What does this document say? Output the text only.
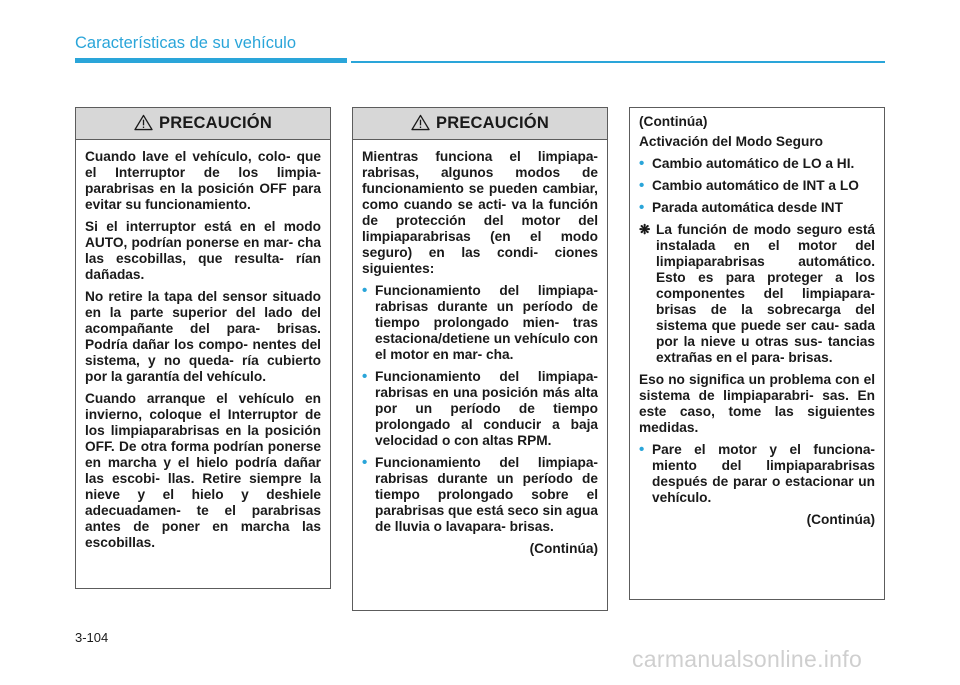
Características de su vehículo
PRECAUCIÓN

Cuando lave el vehículo, colo- que el Interruptor de los limpia- parabrisas en la posición OFF para evitar su funcionamiento.

Si el interruptor está en el modo AUTO, podrían ponerse en mar- cha las escobillas, que resulta- rían dañadas.

No retire la tapa del sensor situado en la parte superior del lado del acompañante del para- brisas. Podría dañar los compo- nentes del sistema, y no queda- ría cubierto por la garantía del vehículo.

Cuando arranque el vehículo en invierno, coloque el Interruptor de los limpiaparabrisas en la posición OFF. De otra forma podrían ponerse en marcha y el hielo podría dañar las escobi- llas. Retire siempre la nieve y el hielo y deshiele adecuadamen- te el parabrisas antes de poner en marcha las escobillas.

PRECAUCIÓN

Mientras funciona el limpiapa- rabrisas, algunos modos de funcionamiento se pueden cambiar, como cuando se acti- va la función de protección del motor del limpiaparabrisas (en el modo seguro) en las condi- ciones siguientes:

• Funcionamiento del limpiapa- rabrisas durante un período de tiempo prolongado mien- tras estaciona/detiene un vehículo con el motor en mar- cha.
• Funcionamiento del limpiapa- rabrisas en una posición más alta por un período de tiempo prolongado al conducir a baja velocidad o con altas RPM.
• Funcionamiento del limpiapa- rabrisas durante un período de tiempo prolongado sobre el parabrisas que está seco sin agua de lluvia o lavapara- brisas.

(Continúa)

(Continúa)

Activación del Modo Seguro

• Cambio automático de LO a HI.
• Cambio automático de INT a LO
• Parada automática desde INT
❋ La función de modo seguro está instalada en el motor del limpiaparabrisas automático. Esto es para proteger a los componentes del limpiapara- brisas de la sobrecarga del sistema que puede ser cau- sada por la nieve u otras sus- tancias extrañas en el para- brisas.

Eso no significa un problema con el sistema de limpiaparabri- sas. En este caso, tome las siguientes medidas.

• Pare el motor y el funciona- miento del limpiaparabrisas después de parar o estacionar un vehículo.

(Continúa)

3-104
carmanualsonline.info
